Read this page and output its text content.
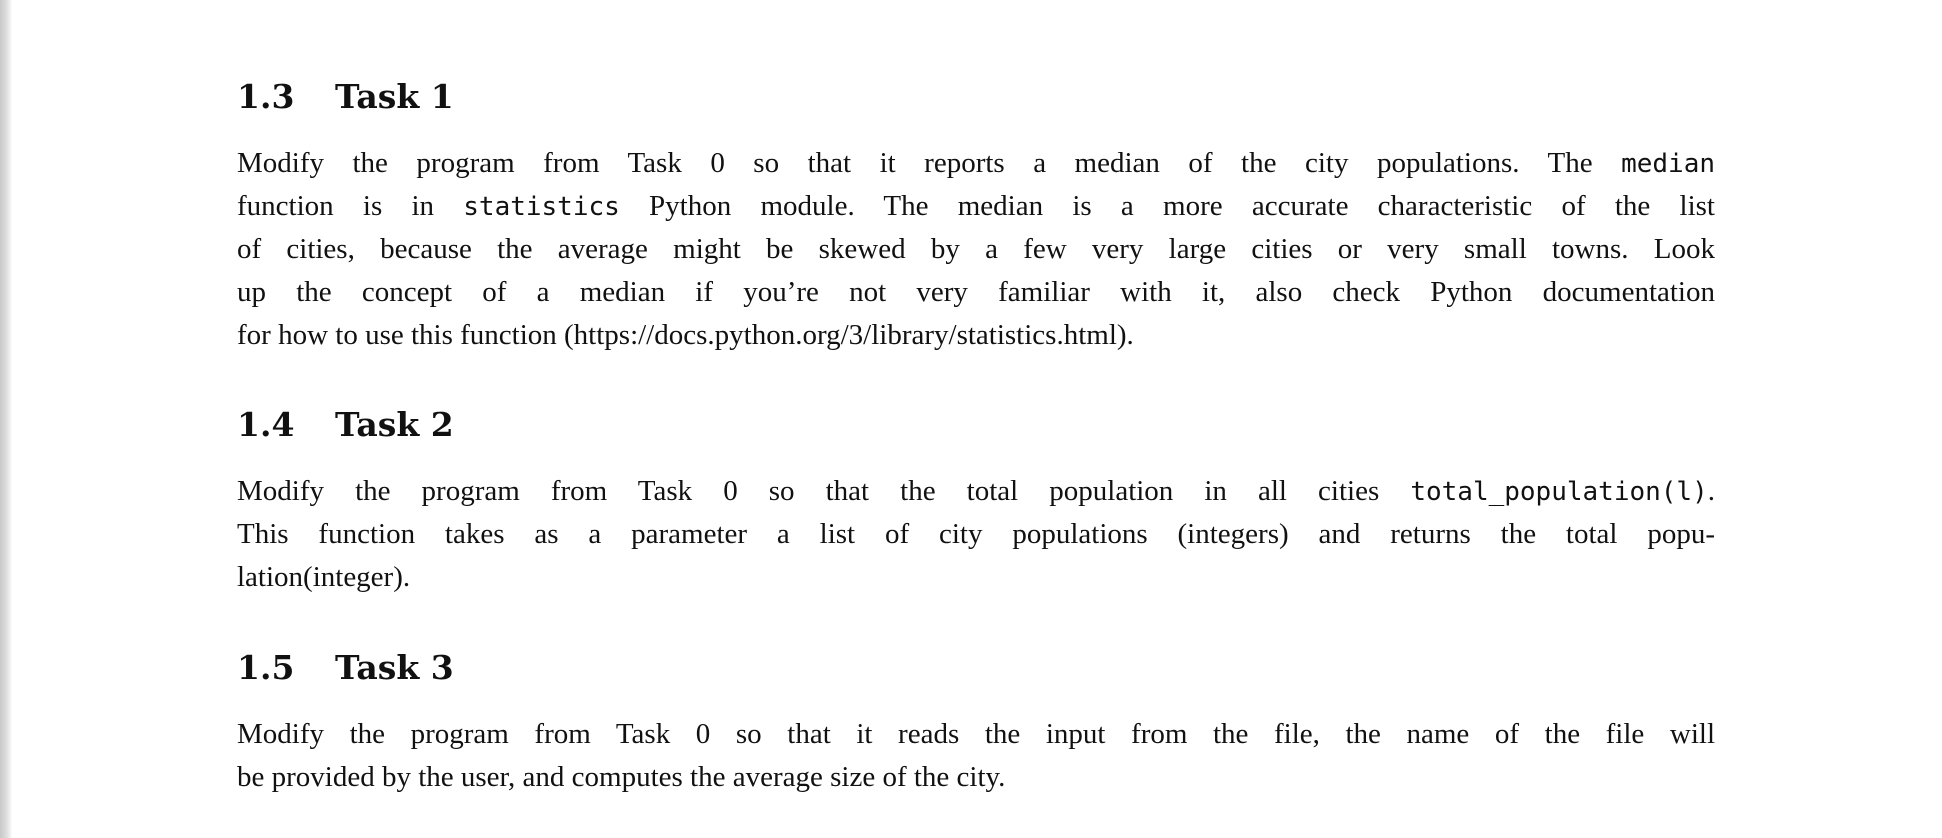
1.3 Task 1
Modify the program from Task 0 so that it reports a median of the city populations. The median
function is in statistics Python module. The median is a more accurate characteristic of the list
of cities, because the average might be skewed by a few very large cities or very small towns. Look
up the concept of a median if you’re not very familiar with it, also check Python documentation
for how to use this function (https://docs.python.org/3/library/statistics.html).
1.4 Task 2
Modify the program from Task 0 so that the total population in all cities total_population(l).
This function takes as a parameter a list of city populations (integers) and returns the total popu-
lation(integer).
1.5 Task 3
Modify the program from Task 0 so that it reads the input from the file, the name of the file will
be provided by the user, and computes the average size of the city.
